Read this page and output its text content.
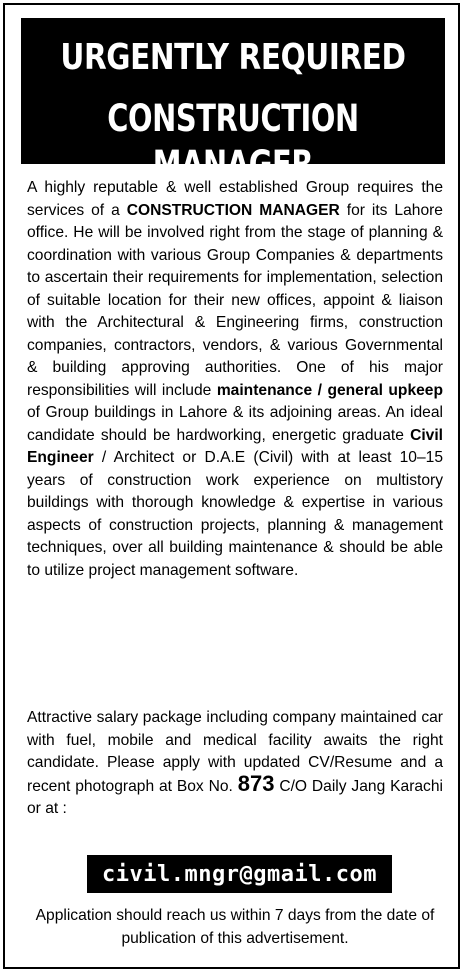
URGENTLY REQUIRED
CONSTRUCTION MANAGER
A highly reputable & well established Group requires the services of a CONSTRUCTION MANAGER for its Lahore office. He will be involved right from the stage of planning & coordination with various Group Companies & departments to ascertain their requirements for implementation, selection of suitable location for their new offices, appoint & liaison with the Architectural & Engineering firms, construction companies, contractors, vendors, & various Governmental & building approving authorities. One of his major responsibilities will include maintenance / general upkeep of Group buildings in Lahore & its adjoining areas. An ideal candidate should be hardworking, energetic graduate Civil Engineer / Architect or D.A.E (Civil) with at least 10–15 years of construction work experience on multistory buildings with thorough knowledge & expertise in various aspects of construction projects, planning & management techniques, over all building maintenance & should be able to utilize project management software.
Attractive salary package including company maintained car with fuel, mobile and medical facility awaits the right candidate. Please apply with updated CV/Resume and a recent photograph at Box No. 873 C/O Daily Jang Karachi or at :
civil.mngr@gmail.com
Application should reach us within 7 days from the date of publication of this advertisement.
